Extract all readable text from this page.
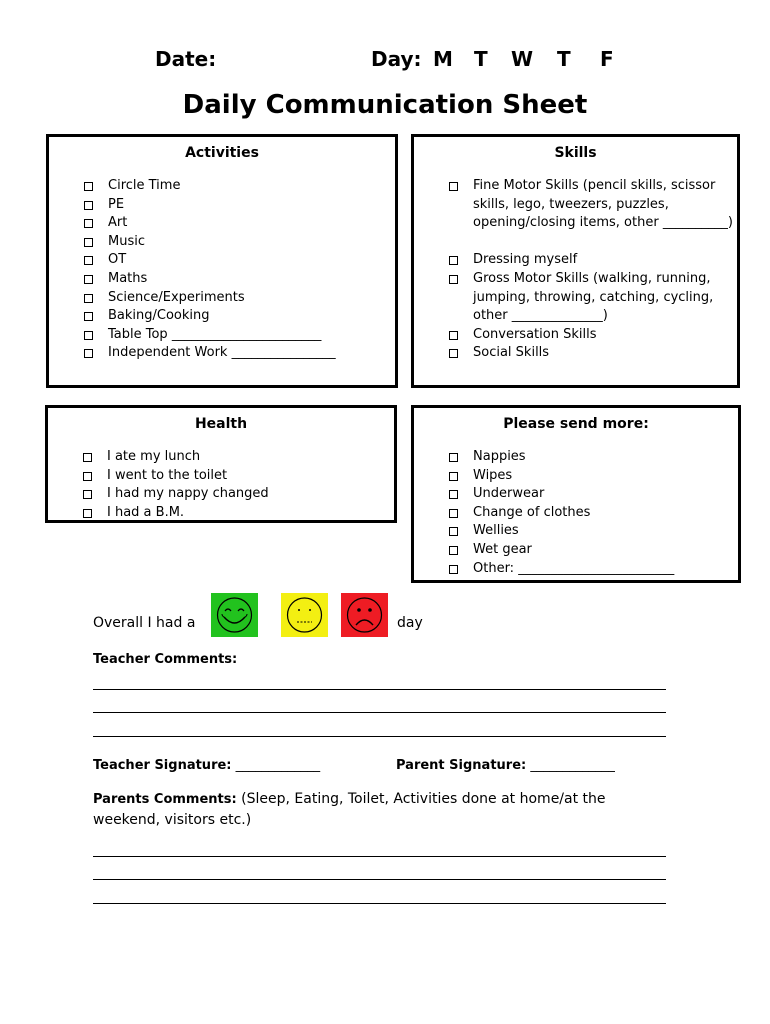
Date:	Day: M T W T F
Daily Communication Sheet
Activities
Circle Time
PE
Art
Music
OT
Maths
Science/Experiments
Baking/Cooking
Table Top _______________________
Independent Work ________________
Skills
Fine Motor Skills (pencil skills, scissor skills, lego, tweezers, puzzles, opening/closing items, other __________)
Dressing myself
Gross Motor Skills (walking, running, jumping, throwing, catching, cycling, other ______________)
Conversation Skills
Social Skills
Health
I ate my lunch
I went to the toilet
I had my nappy changed
I had a B.M.
Please send more:
Nappies
Wipes
Underwear
Change of clothes
Wellies
Wet gear
Other: ________________________
Overall I had a	day
Teacher Comments:
Teacher Signature: _____________	Parent Signature: _____________
Parents Comments: (Sleep, Eating, Toilet, Activities done at home/at the weekend, visitors etc.)
